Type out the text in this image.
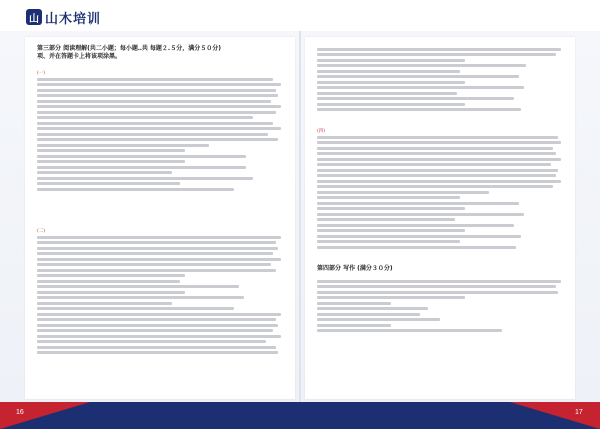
山 山木培训

第三部分 阅读理解(共二小题；每小题‥共 每题２.５分，满分５０分)

项、并在答题卡上将该项涂黑。

(一)
(二)
(四)

第四部分 写作 (满分３０分)

16	17
